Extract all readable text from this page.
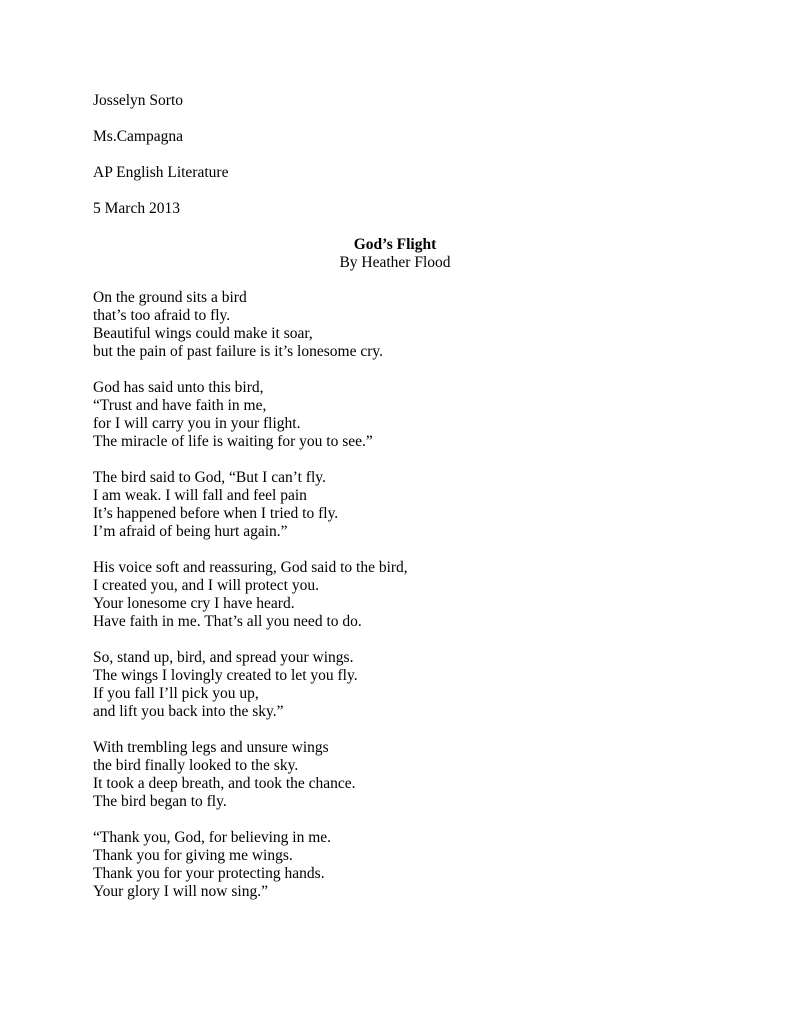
Josselyn Sorto
Ms.Campagna
AP English Literature
5 March 2013
God’s Flight
By Heather Flood
On the ground sits a bird
that’s too afraid to fly.
Beautiful wings could make it soar,
but the pain of past failure is it’s lonesome cry.
God has said unto this bird,
“Trust and have faith in me,
for I will carry you in your flight.
The miracle of life is waiting for you to see.”
The bird said to God, “But I can’t fly.
I am weak. I will fall and feel pain
It’s happened before when I tried to fly.
I’m afraid of being hurt again.”
His voice soft and reassuring, God said to the bird,
I created you, and I will protect you.
Your lonesome cry I have heard.
Have faith in me. That’s all you need to do.
So, stand up, bird, and spread your wings.
The wings I lovingly created to let you fly.
If you fall I’ll pick you up,
and lift you back into the sky.”
With trembling legs and unsure wings
the bird finally looked to the sky.
It took a deep breath, and took the chance.
The bird began to fly.
“Thank you, God, for believing in me.
Thank you for giving me wings.
Thank you for your protecting hands.
Your glory I will now sing.”
